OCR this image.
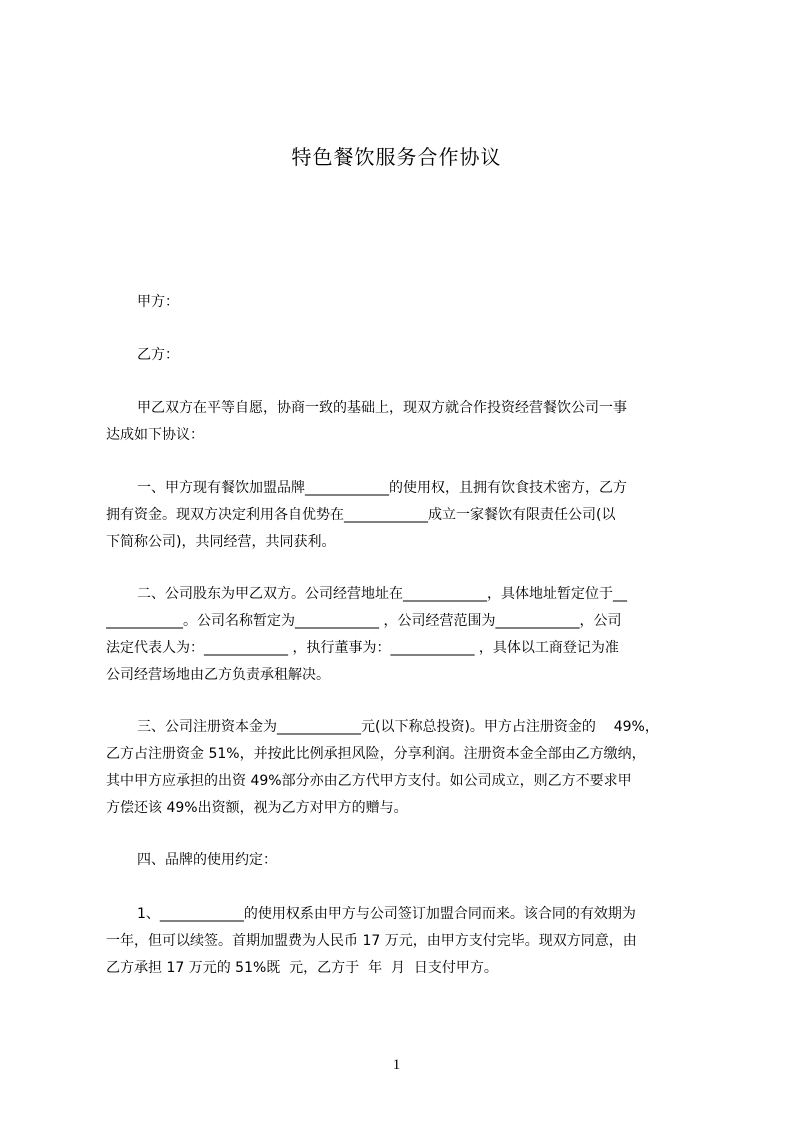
特色餐饮服务合作协议
甲方：
乙方：
甲乙双方在平等自愿，协商一致的基础上，现双方就合作投资经营餐饮公司一事
达成如下协议：
一、甲方现有餐饮加盟品牌____________的使用权，且拥有饮食技术密方，乙方
拥有资金。现双方决定利用各自优势在____________成立一家餐饮有限责任公司(以
下简称公司)，共同经营，共同获利。
二、公司股东为甲乙双方。公司经营地址在____________，具体地址暂定位于__
___________。公司名称暂定为____________ ，公司经营范围为____________，公司
法定代表人为：____________ ，执行董事为：____________ ，具体以工商登记为准
公司经营场地由乙方负责承租解决。
三、公司注册资本金为____________元(以下称总投资)。甲方占注册资金的    49%，
乙方占注册资金 51%，并按此比例承担风险，分享利润。注册资本金全部由乙方缴纳，
其中甲方应承担的出资 49%部分亦由乙方代甲方支付。如公司成立，则乙方不要求甲
方偿还该 49%出资额，视为乙方对甲方的赠与。
四、品牌的使用约定：
1、____________的使用权系由甲方与公司签订加盟合同而来。该合同的有效期为
一年，但可以续签。首期加盟费为人民币 17 万元，由甲方支付完毕。现双方同意，由
乙方承担 17 万元的 51%既  元，乙方于  年  月  日支付甲方。
1
